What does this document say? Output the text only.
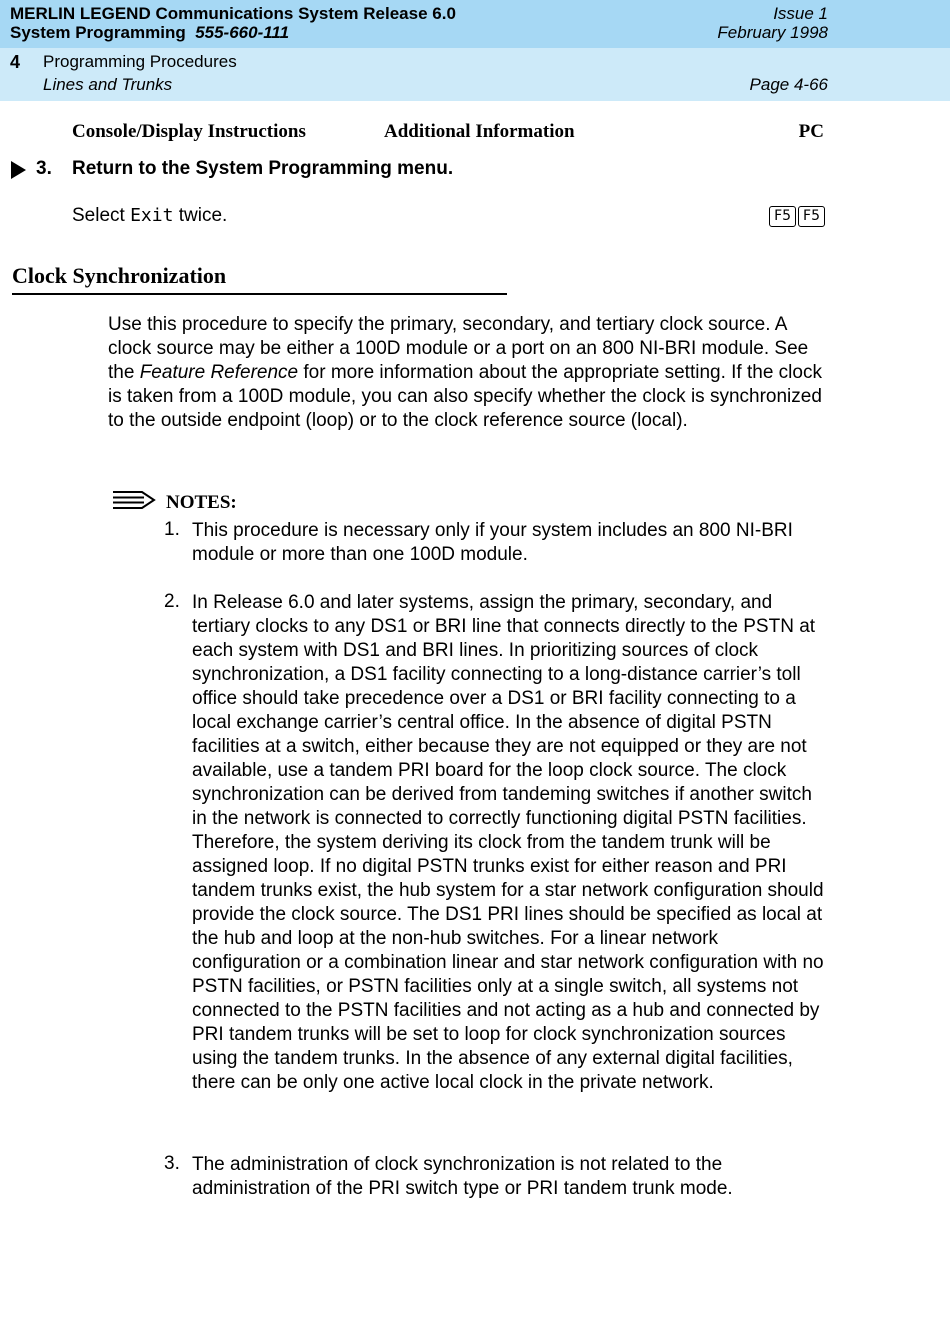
MERLIN LEGEND Communications System Release 6.0
System Programming 555-660-111
Issue 1
February 1998
4 Programming Procedures
Lines and Trunks	Page 4-66
Console/Display Instructions	Additional Information	PC
3. Return to the System Programming menu.
Select Exit twice.	F5 F5
Clock Synchronization
Use this procedure to specify the primary, secondary, and tertiary clock source. A clock source may be either a 100D module or a port on an 800 NI-BRI module. See the Feature Reference for more information about the appropriate setting. If the clock is taken from a 100D module, you can also specify whether the clock is synchronized to the outside endpoint (loop) or to the clock reference source (local).
NOTES:
1. This procedure is necessary only if your system includes an 800 NI-BRI module or more than one 100D module.
2. In Release 6.0 and later systems, assign the primary, secondary, and tertiary clocks to any DS1 or BRI line that connects directly to the PSTN at each system with DS1 and BRI lines. In prioritizing sources of clock synchronization, a DS1 facility connecting to a long-distance carrier’s toll office should take precedence over a DS1 or BRI facility connecting to a local exchange carrier’s central office. In the absence of digital PSTN facilities at a switch, either because they are not equipped or they are not available, use a tandem PRI board for the loop clock source. The clock synchronization can be derived from tandeming switches if another switch in the network is connected to correctly functioning digital PSTN facilities. Therefore, the system deriving its clock from the tandem trunk will be assigned loop. If no digital PSTN trunks exist for either reason and PRI tandem trunks exist, the hub system for a star network configuration should provide the clock source. The DS1 PRI lines should be specified as local at the hub and loop at the non-hub switches. For a linear network configuration or a combination linear and star network configuration with no PSTN facilities, or PSTN facilities only at a single switch, all systems not connected to the PSTN facilities and not acting as a hub and connected by PRI tandem trunks will be set to loop for clock synchronization sources using the tandem trunks. In the absence of any external digital facilities, there can be only one active local clock in the private network.
3. The administration of clock synchronization is not related to the administration of the PRI switch type or PRI tandem trunk mode.
